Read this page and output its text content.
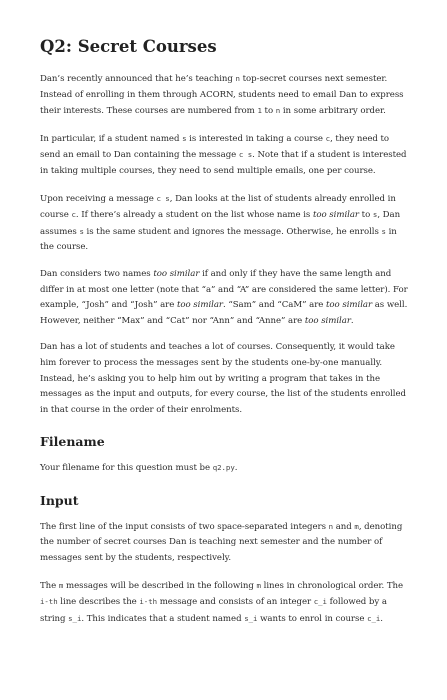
Q2: Secret Courses

Dan’s recently announced that he’s teaching n top-secret courses next semester. Instead of enrolling in them through ACORN, students need to email Dan to express their interests. These courses are numbered from 1 to n in some arbitrary order.

In particular, if a student named s is interested in taking a course c, they need to send an email to Dan containing the message c s. Note that if a student is interested in taking multiple courses, they need to send multiple emails, one per course.

Upon receiving a message c s, Dan looks at the list of students already enrolled in course c. If there’s already a student on the list whose name is too similar to s, Dan assumes s is the same student and ignores the message. Otherwise, he enrolls s in the course.

Dan considers two names too similar if and only if they have the same length and differ in at most one letter (note that “a” and “A” are considered the same letter). For example, “Josh” and “Josh” are too similar. “Sam” and “CaM” are too similar as well. However, neither “Max” and “Cat” nor “Ann” and “Anne” are too similar.

Dan has a lot of students and teaches a lot of courses. Consequently, it would take him forever to process the messages sent by the students one-by-one manually. Instead, he’s asking you to help him out by writing a program that takes in the messages as the input and outputs, for every course, the list of the students enrolled in that course in the order of their enrolments.

Filename

Your filename for this question must be q2.py.

Input

The first line of the input consists of two space-separated integers n and m, denoting the number of secret courses Dan is teaching next semester and the number of messages sent by the students, respectively.

The m messages will be described in the following m lines in chronological order. The i-th line describes the i-th message and consists of an integer c_i followed by a string s_i. This indicates that a student named s_i wants to enrol in course c_i.
